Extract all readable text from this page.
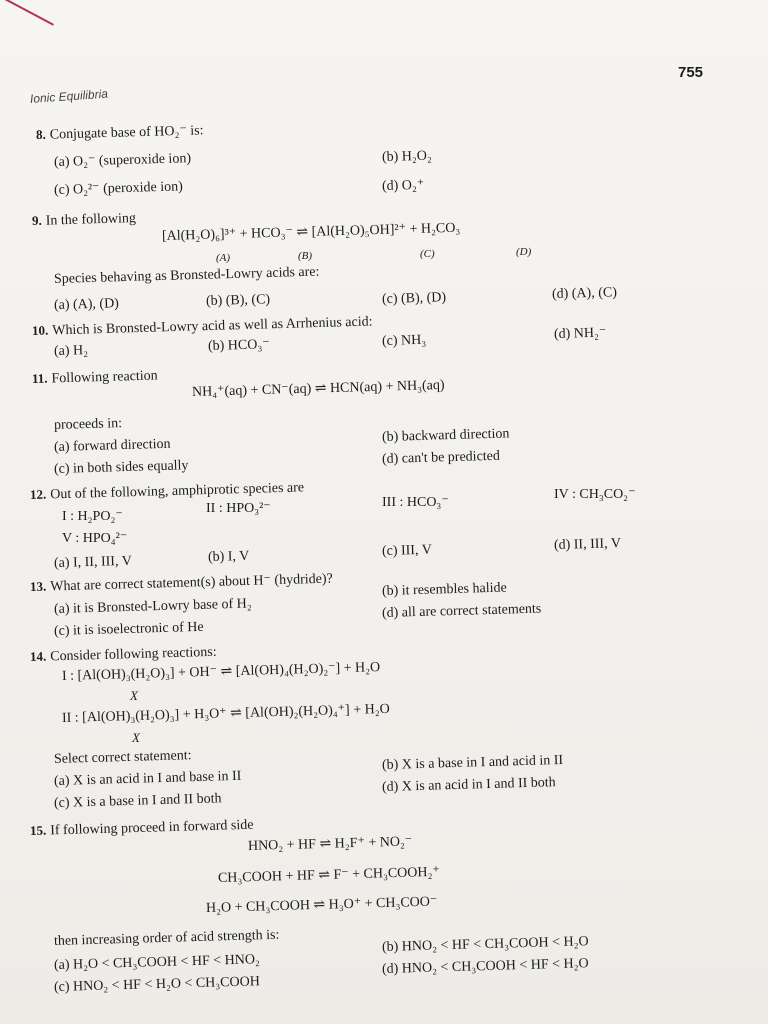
755
Ionic Equilibria
8. Conjugate base of HO₂⁻ is:
(a) O₂⁻ (superoxide ion)	(b) H₂O₂
(c) O₂²⁻ (peroxide ion)	(d) O₂⁺
9. In the following
[Al(H₂O)₆]³⁺ + HCO₃⁻ ⇌ [Al(H₂O)₅OH]²⁺ + H₂CO₃
(A)	(B)	(C)	(D)
Species behaving as Bronsted-Lowry acids are:
(a) (A), (D)	(b) (B), (C)	(c) (B), (D)	(d) (A), (C)
10. Which is Bronsted-Lowry acid as well as Arrhenius acid:
(a) H₂	(b) HCO₃⁻	(c) NH₃	(d) NH₂⁻
11. Following reaction
NH₄⁺(aq) + CN⁻(aq) ⇌ HCN(aq) + NH₃(aq)
proceeds in:
(a) forward direction
(b) backward direction
(c) in both sides equally
(d) can't be predicted
12. Out of the following, amphiprotic species are
I : H₂PO₂⁻
II : HPO₃²⁻	III : HCO₃⁻
IV : CH₃CO₂⁻
V : HPO₄²⁻
(a) I, II, III, V	(b) I, V	(c) III, V	(d) II, III, V
13. What are correct statement(s) about H⁻ (hydride)?
(a) it is Bronsted-Lowry base of H₂
(b) it resembles halide
(c) it is isoelectronic of He
(d) all are correct statements
14. Consider following reactions:
I : [Al(OH)₃(H₂O)₃] + OH⁻ ⇌ [Al(OH)₄(H₂O)₂⁻] + H₂O
X
II : [Al(OH)₃(H₂O)₃] + H₃O⁺ ⇌ [Al(OH)₂(H₂O)₄⁺] + H₂O
X
Select correct statement:
(a) X is an acid in I and base in II
(b) X is a base in I and acid in II
(c) X is a base in I and II both
(d) X is an acid in I and II both
15. If following proceed in forward side
HNO₂ + HF ⇌ H₂F⁺ + NO₂⁻
CH₃COOH + HF ⇌ F⁻ + CH₃COOH₂⁺
H₂O + CH₃COOH ⇌ H₃O⁺ + CH₃COO⁻
then increasing order of acid strength is:
(a) H₂O < CH₃COOH < HF < HNO₂
(b) HNO₂ < HF < CH₃COOH < H₂O
(c) HNO₂ < HF < H₂O < CH₃COOH
(d) HNO₂ < CH₃COOH < HF < H₂O
